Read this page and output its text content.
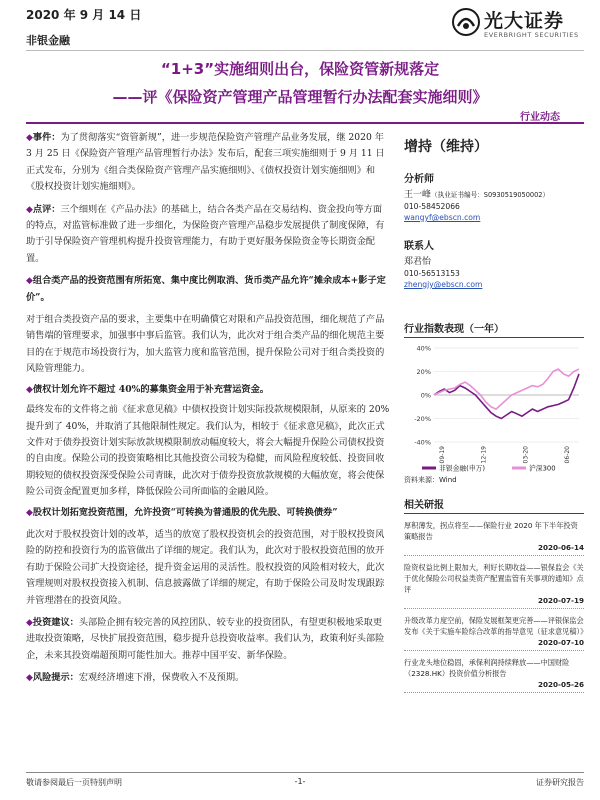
2020 年 9 月 14 日
非银金融
光大证券
EVERBRIGHT SECURITIES
“1+3”实施细则出台，保险资管新规落定
——评《保险资产管理产品管理暂行办法配套实施细则》
行业动态
◆事件：为了贯彻落实“资管新规”，进一步规范保险资产管理产品业务发展，继 2020 年 3 月 25 日《保险资产管理产品管理暂行办法》发布后，配套三项实施细则于 9 月 11 日正式发布，分别为《组合类保险资产管理产品实施细则》、《债权投资计划实施细则》和《股权投资计划实施细则》。
◆点评：三个细则在《产品办法》的基础上，结合各类产品在交易结构、资金投向等方面的特点，对监管标准做了进一步细化，为保险资产管理产品稳步发展提供了制度保障，有助于引导保险资产管理机构提升投资管理能力，有助于更好服务保险资金等长期资金配置。
◆组合类产品的投资范围有所拓宽、集中度比例取消、货币类产品允许“摊余成本+影子定价”。
对于组合类投资产品的要求，主要集中在明确償它对限和产品投资范围，细化规范了产品销售端的管理要求，加强事中事后监管。我们认为，此次对于组合类产品的细化规范主要目的在于规范市场投资行为，加大监管力度和监管范围，提升保险公司对于组合类投资的风险管理能力。
◆债权计划允许不超过 40%的募集资金用于补充营运资金。
最终发布的文件将之前《征求意见稿》中债权投资计划实际投款规模限制，从原来的 20%提升到了 40%，并取消了其他限制性规定。我们认为，相较于《征求意见稿》，此次正式文件对于债券投资计划实际放款规模限制放动幅度较大，将会大幅提升保险公司债权投资的自由度。保险公司的投资策略相比其他投资公司较为稳健，而风险程度较低、投资回收期较短的债权投资深受保险公司青睐，此次对于债券投资放款规模的大幅放宽，将会使保险公司资金配置更加多样，降低保险公司所面临的金融风险。
◆股权计划拓宽投资范围，允许投资“可转换为普通股的优先股、可转换债券”
此次对于股权投资计划的改革，适当的放宽了股权投资机会的投资范围，对于股权投资风险的防控和投资行为的监管做出了详细的规定。我们认为，此次对于股权投资范围的放开有助于保险公司扩大投资途径，提升资金运用的灵活性。股权投资的风险相对较大，此次管理规则对股权投资接入机制、信息披露做了详细的规定，有助于保险公司及时发现跟踪并管理潜在的投资风险。
◆投资建议：头部险企拥有较完善的风控团队、较专业的投资团队，有望更积极地采取更进取投资策略，尽快扩展投资范围，稳步提升总投资收益率。我们认为，政策利好头部险企，未来其投资端超预期可能性加大。推荐中国平安、新华保险。
◆风险提示：宏观经济增速下滑，保费收入不及预期。
增持（维持）
分析师
王一峰（执业证书编号：S0930519050002）
010-58452066
wangyf@ebscn.com
联系人
郑君怡
010-56513153
zhengjy@ebscn.com
行业指数表现（一年）
40%
20%
0%
-20%
-40%
09-19	12-19	03-20	06-20
非银金融(申万)	沪深300
资料来源：Wind
相关研报
厚积薄发，拐点将至——保险行业 2020 年下半年投资策略报告
2020-06-14
险资权益比例上限加大，利好长期收益——银保监会《关于优化保险公司权益类资产配置监管有关事项的通知》点评
2020-07-19
升级改革力度空前，保险发展框架更完善——评银保监会发布《关于实施车险综合改革的指导意见（征求意见稿）》
2020-07-10
行业龙头地位稳固，承保利润持续释放——中国财险（2328.HK）投资价值分析报告
2020-05-26
敬请参阅最后一页特别声明	-1-	证券研究报告
